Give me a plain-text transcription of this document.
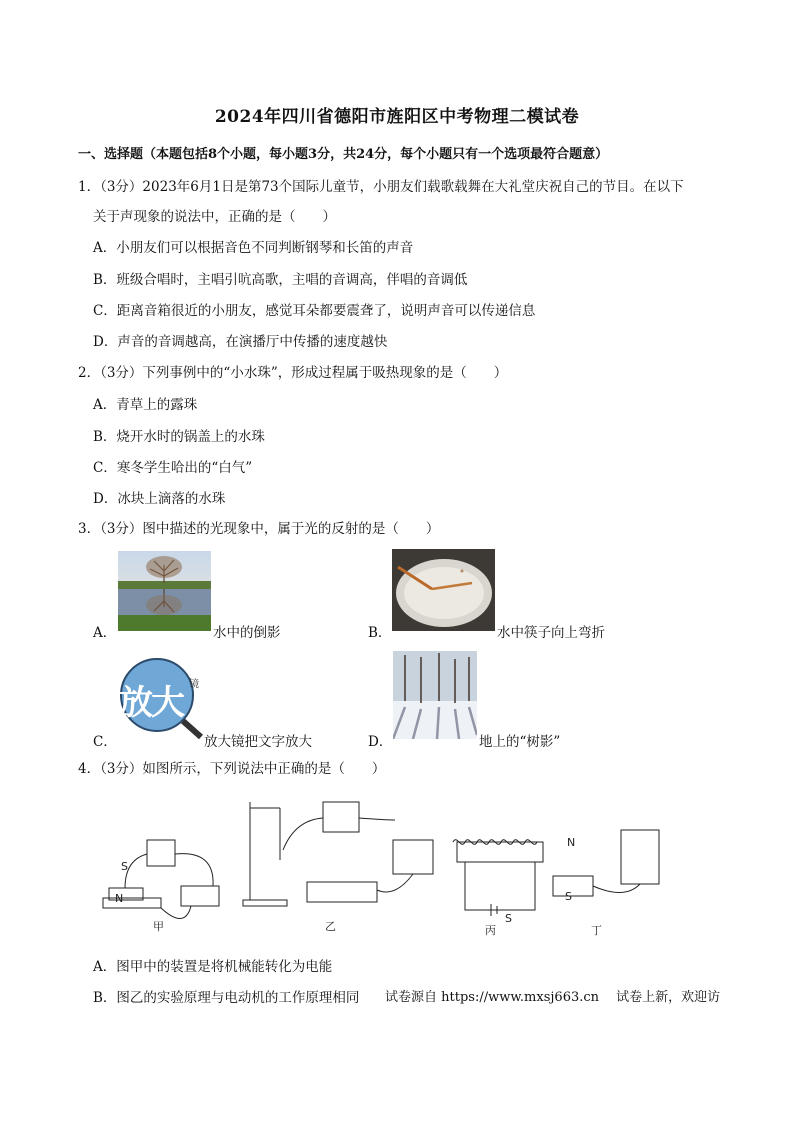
2024年四川省德阳市旌阳区中考物理二模试卷
一、选择题（本题包括8个小题，每小题3分，共24分，每个小题只有一个选项最符合题意）
1．（3分）2023年6月1日是第73个国际儿童节，小朋友们载歌载舞在大礼堂庆祝自己的节目。在以下
关于声现象的说法中，正确的是（　　）
A．小朋友们可以根据音色不同判断钢琴和长笛的声音
B．班级合唱时，主唱引吭高歌，主唱的音调高，伴唱的音调低
C．距离音箱很近的小朋友，感觉耳朵都要震聋了，说明声音可以传递信息
D．声音的音调越高，在演播厅中传播的速度越快
2．（3分）下列事例中的“小水珠”，形成过程属于吸热现象的是（　　）
A．青草上的露珠
B．烧开水时的锅盖上的水珠
C．寒冬学生哈出的“白气”
D．冰块上滴落的水珠
3．（3分）图中描述的光现象中，属于光的反射的是（　　）
A．	水中的倒影	B．	水中筷子向上弯折
C．
放大 镜
放大镜把文字放大	D．	地上的“树影”
4．（3分）如图所示，下列说法中正确的是（　　）
甲	乙	丙	丁
S
N
S
N
S
A．图甲中的装置是将机械能转化为电能
B．图乙的实验原理与电动机的工作原理相同 试卷源自 https://www.mxsj663.cn　 试卷上新，欢迎访
